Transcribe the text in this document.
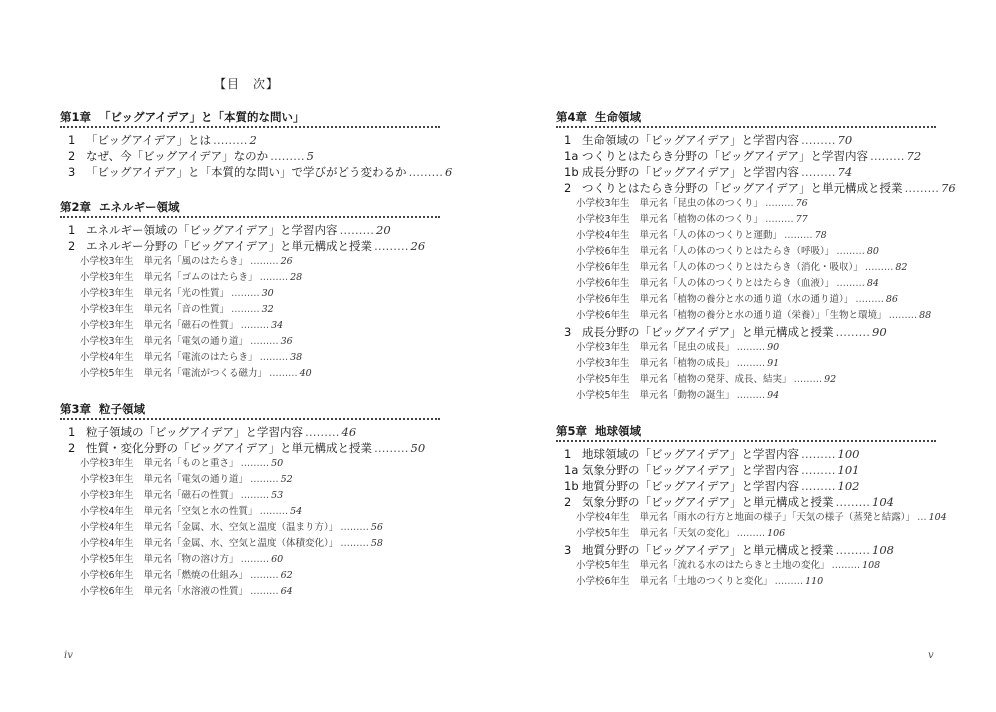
【目　次】
第1章 「ビッグアイデア」と「本質的な問い」
1 「ビッグアイデア」とは ……… 2
2 なぜ、今「ビッグアイデア」なのか ……… 5
3 「ビッグアイデア」と「本質的な問い」で学びがどう変わるか ……… 6
第2章 エネルギー領域
1 エネルギー領域の「ビッグアイデア」と学習内容 ……… 20
2 エネルギー分野の「ビッグアイデア」と単元構成と授業 ……… 26
小学校3年生 単元名「風のはたらき」 ……… 26
小学校3年生 単元名「ゴムのはたらき」 ……… 28
小学校3年生 単元名「光の性質」 ……… 30
小学校3年生 単元名「音の性質」 ……… 32
小学校3年生 単元名「磁石の性質」 ……… 34
小学校3年生 単元名「電気の通り道」 ……… 36
小学校4年生 単元名「電流のはたらき」 ……… 38
小学校5年生 単元名「電流がつくる磁力」 ……… 40
第3章 粒子領域
1 粒子領域の「ビッグアイデア」と学習内容 ……… 46
2 性質・変化分野の「ビッグアイデア」と単元構成と授業 ……… 50
小学校3年生 単元名「ものと重さ」 ……… 50
小学校3年生 単元名「電気の通り道」 ……… 52
小学校3年生 単元名「磁石の性質」 ……… 53
小学校4年生 単元名「空気と水の性質」 ……… 54
小学校4年生 単元名「金属、水、空気と温度（温まり方）」 ……… 56
小学校4年生 単元名「金属、水、空気と温度（体積変化）」 ……… 58
小学校5年生 単元名「物の溶け方」 ……… 60
小学校6年生 単元名「燃焼の仕組み」 ……… 62
小学校6年生 単元名「水溶液の性質」 ……… 64
第4章 生命領域
1 生命領域の「ビッグアイデア」と学習内容 ……… 70
1a つくりとはたらき分野の「ビッグアイデア」と学習内容 ……… 72
1b 成長分野の「ビッグアイデア」と学習内容 ……… 74
2 つくりとはたらき分野の「ビッグアイデア」と単元構成と授業 ……… 76
小学校3年生 単元名「昆虫の体のつくり」 ……… 76
小学校3年生 単元名「植物の体のつくり」 ……… 77
小学校4年生 単元名「人の体のつくりと運動」 ……… 78
小学校6年生 単元名「人の体のつくりとはたらき（呼吸）」 ……… 80
小学校6年生 単元名「人の体のつくりとはたらき（消化・吸収）」 ……… 82
小学校6年生 単元名「人の体のつくりとはたらき（血液）」 ……… 84
小学校6年生 単元名「植物の養分と水の通り道（水の通り道）」 ……… 86
小学校6年生 単元名「植物の養分と水の通り道（栄養）」「生物と環境」 ……… 88
3 成長分野の「ビッグアイデア」と単元構成と授業 ……… 90
小学校3年生 単元名「昆虫の成長」 ……… 90
小学校3年生 単元名「植物の成長」 ……… 91
小学校5年生 単元名「植物の発芽、成長、結実」 ……… 92
小学校5年生 単元名「動物の誕生」 ……… 94
第5章 地球領域
1 地球領域の「ビッグアイデア」と学習内容 ……… 100
1a 気象分野の「ビッグアイデア」と学習内容 ……… 101
1b 地質分野の「ビッグアイデア」と学習内容 ……… 102
2 気象分野の「ビッグアイデア」と単元構成と授業 ……… 104
小学校4年生 単元名「雨水の行方と地面の様子」「天気の様子（蒸発と結露）」 … 104
小学校5年生 単元名「天気の変化」 ……… 106
3 地質分野の「ビッグアイデア」と単元構成と授業 ……… 108
小学校5年生 単元名「流れる水のはたらきと土地の変化」 ……… 108
小学校6年生 単元名「土地のつくりと変化」 ……… 110
iv	v
